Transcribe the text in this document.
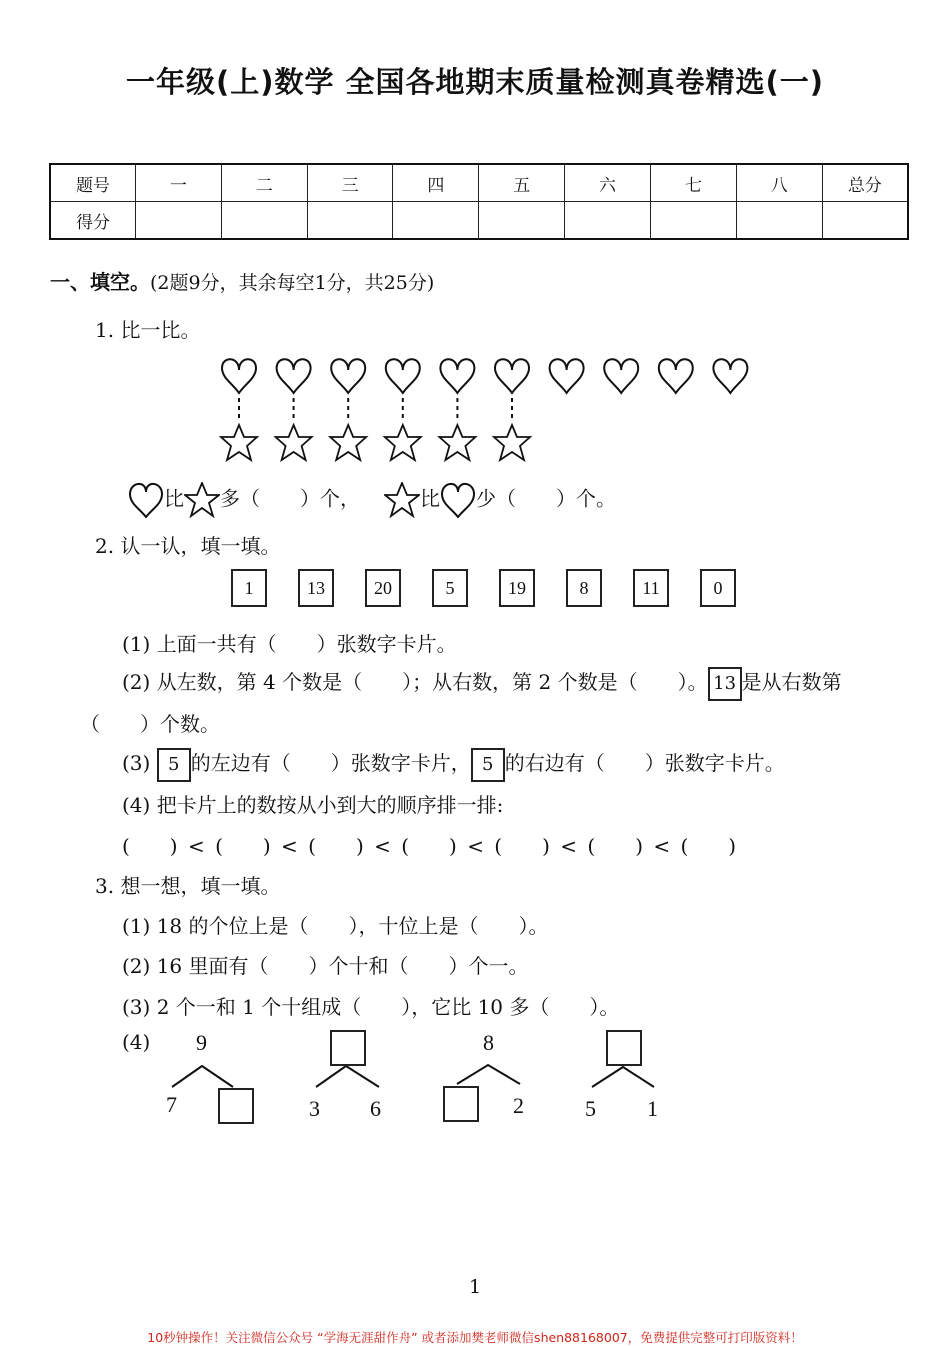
一年级(上)数学 全国各地期末质量检测真卷精选(一)
题号	一	二	三	四	五	六	七	八	总分
得分									
一、填空。(2题9分，其余每空1分，共25分)
1. 比一比。
比 多（　　）个，	比 少（　　）个。
2. 认一认，填一填。
1	13	20	5	19	8	11	0
(1) 上面一共有（　　）张数字卡片。
(2) 从左数，第 4 个数是（　　）；从右数，第 2 个数是（　　）。 13 是从右数第
（　　）个数。
(3) 5 的左边有（　　）张数字卡片， 5 的右边有（　　）张数字卡片。
(4) 把卡片上的数按从小到大的顺序排一排:
(　　) < (　　) < (　　) < (　　) < (　　) < (　　) < (　　)
3. 想一想，填一填。
(1) 18 的个位上是（　　），十位上是（　　）。
(2) 16 里面有（　　）个十和（　　）个一。
(3) 2 个一和 1 个十组成（　　），它比 10 多（　　）。
(4) 9
7	3 6
8
2	5 1
1
10秒钟操作！关注微信公众号 “学海无涯甜作舟” 或者添加樊老师微信shen88168007，免费提供完整可打印版资料！
